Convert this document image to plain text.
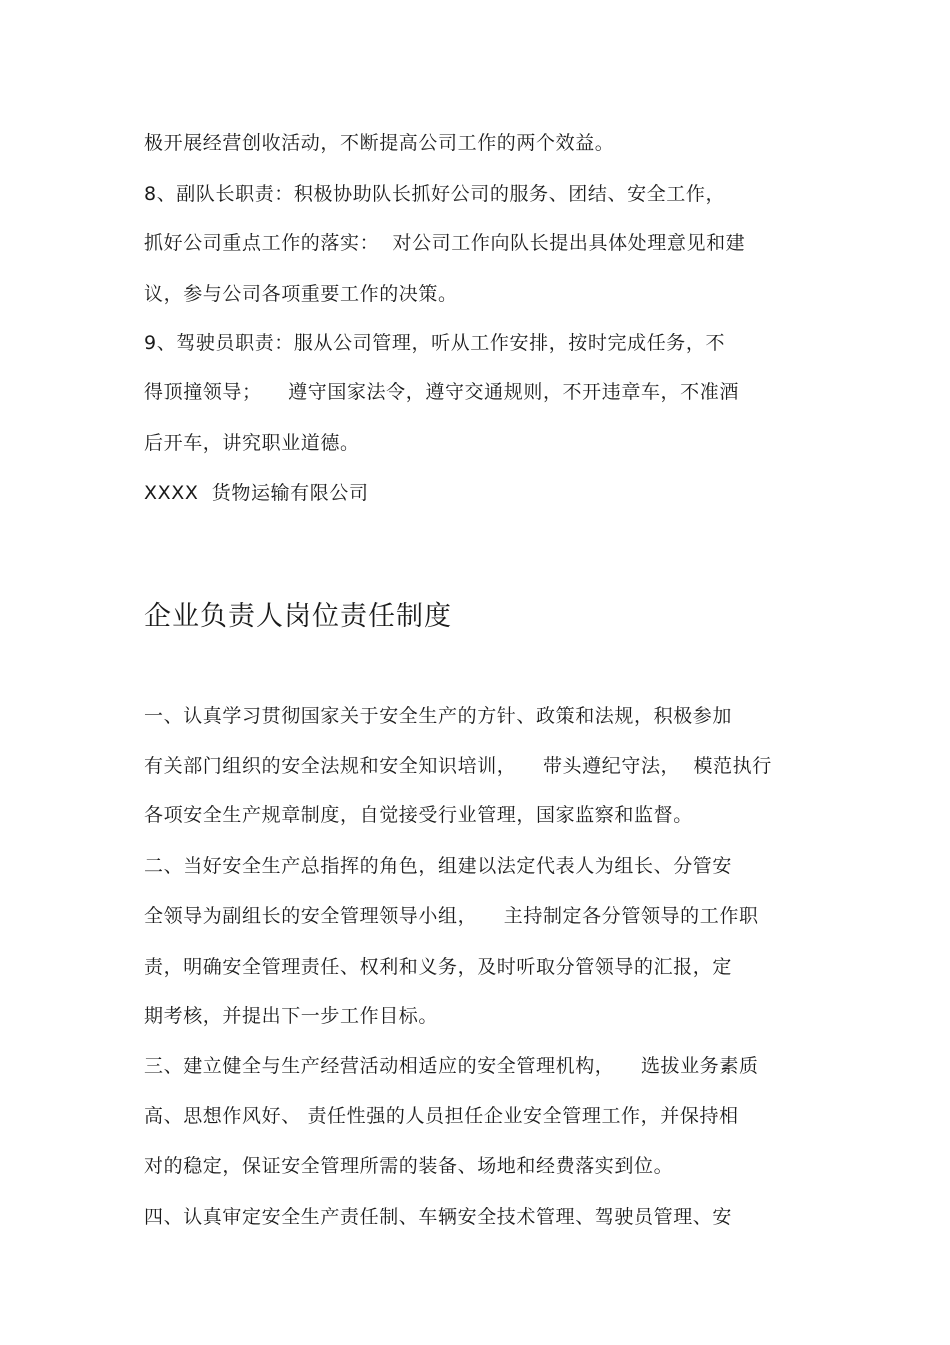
极开展经营创收活动，不断提高公司工作的两个效益。
8、副队长职责：积极协助队长抓好公司的服务、团结、安全工作，
抓好公司重点工作的落实：  对公司工作向队长提出具体处理意见和建
议，参与公司各项重要工作的决策。
9、驾驶员职责：服从公司管理，听从工作安排，按时完成任务，不
得顶撞领导；    遵守国家法令，遵守交通规则，不开违章车，不准酒
后开车，讲究职业道德。
XXXX  货物运输有限公司
企业负责人岗位责任制度
一、认真学习贯彻国家关于安全生产的方针、政策和法规，积极参加
有关部门组织的安全法规和安全知识培训，    带头遵纪守法，  模范执行
各项安全生产规章制度，自觉接受行业管理，国家监察和监督。
二、当好安全生产总指挥的角色，组建以法定代表人为组长、分管安
全领导为副组长的安全管理领导小组，    主持制定各分管领导的工作职
责，明确安全管理责任、权利和义务，及时听取分管领导的汇报，定
期考核，并提出下一步工作目标。
三、建立健全与生产经营活动相适应的安全管理机构，    选拔业务素质
高、思想作风好、 责任性强的人员担任企业安全管理工作，并保持相
对的稳定，保证安全管理所需的装备、场地和经费落实到位。
四、认真审定安全生产责任制、车辆安全技术管理、驾驶员管理、安
